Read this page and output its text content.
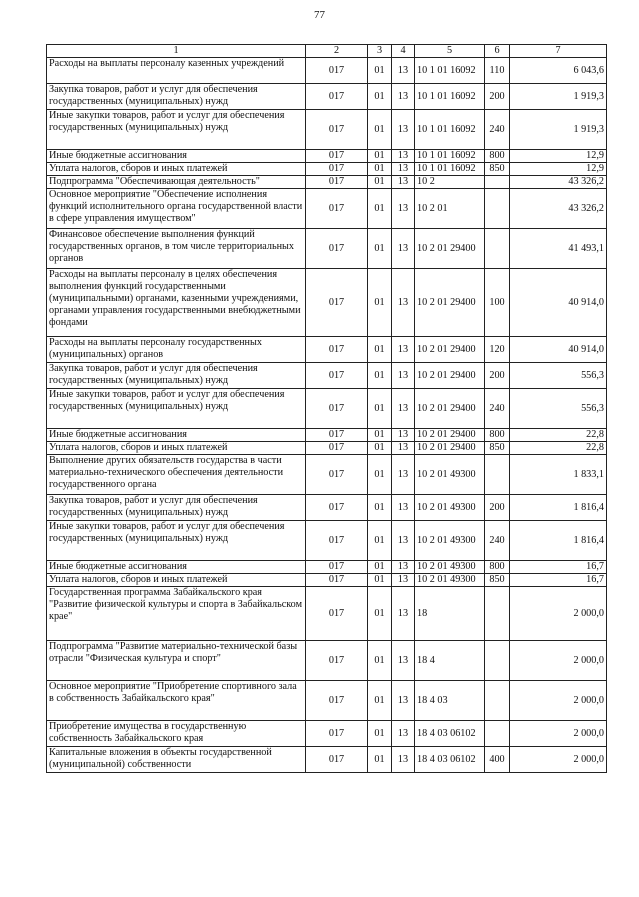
77
1	2	3	4	5	6	7
Расходы на выплаты персоналу казенных учреждений	017	01	13	10 1 01 16092	110	6 043,6
Закупка товаров, работ и услуг для обеспечения государственных (муниципальных) нужд	017	01	13	10 1 01 16092	200	1 919,3
Иные закупки товаров, работ и услуг для обеспечения государственных (муниципальных) нужд	017	01	13	10 1 01 16092	240	1 919,3
Иные бюджетные ассигнования	017	01	13	10 1 01 16092	800	12,9
Уплата налогов, сборов и иных платежей	017	01	13	10 1 01 16092	850	12,9
Подпрограмма "Обеспечивающая деятельность"	017	01	13	10 2		43 326,2
Основное мероприятие "Обеспечение исполнения функций исполнительного органа государственной власти в сфере управления имуществом"	017	01	13	10 2 01		43 326,2
Финансовое обеспечение выполнения функций государственных органов, в том числе территориальных органов	017	01	13	10 2 01 29400		41 493,1
Расходы на выплаты персоналу в целях обеспечения выполнения функций государственными (муниципальными) органами, казенными учреждениями, органами управления государственными внебюджетными фондами	017	01	13	10 2 01 29400	100	40 914,0
Расходы на выплаты персоналу государственных (муниципальных) органов	017	01	13	10 2 01 29400	120	40 914,0
Закупка товаров, работ и услуг для обеспечения государственных (муниципальных) нужд	017	01	13	10 2 01 29400	200	556,3
Иные закупки товаров, работ и услуг для обеспечения государственных (муниципальных) нужд	017	01	13	10 2 01 29400	240	556,3
Иные бюджетные ассигнования	017	01	13	10 2 01 29400	800	22,8
Уплата налогов, сборов и иных платежей	017	01	13	10 2 01 29400	850	22,8
Выполнение других обязательств государства в части материально-технического обеспечения деятельности государственного органа	017	01	13	10 2 01 49300		1 833,1
Закупка товаров, работ и услуг для обеспечения государственных (муниципальных) нужд	017	01	13	10 2 01 49300	200	1 816,4
Иные закупки товаров, работ и услуг для обеспечения государственных (муниципальных) нужд	017	01	13	10 2 01 49300	240	1 816,4
Иные бюджетные ассигнования	017	01	13	10 2 01 49300	800	16,7
Уплата налогов, сборов и иных платежей	017	01	13	10 2 01 49300	850	16,7
Государственная программа Забайкальского края "Развитие физической культуры и спорта в Забайкальском крае"	017	01	13	18		2 000,0
Подпрограмма "Развитие материально-технической базы отрасли "Физическая культура и спорт"	017	01	13	18 4		2 000,0
Основное мероприятие "Приобретение спортивного зала в собственность Забайкальского края"	017	01	13	18 4 03		2 000,0
Приобретение имущества в государственную собственность Забайкальского края	017	01	13	18 4 03 06102		2 000,0
Капитальные вложения в объекты государственной (муниципальной) собственности	017	01	13	18 4 03 06102	400	2 000,0
